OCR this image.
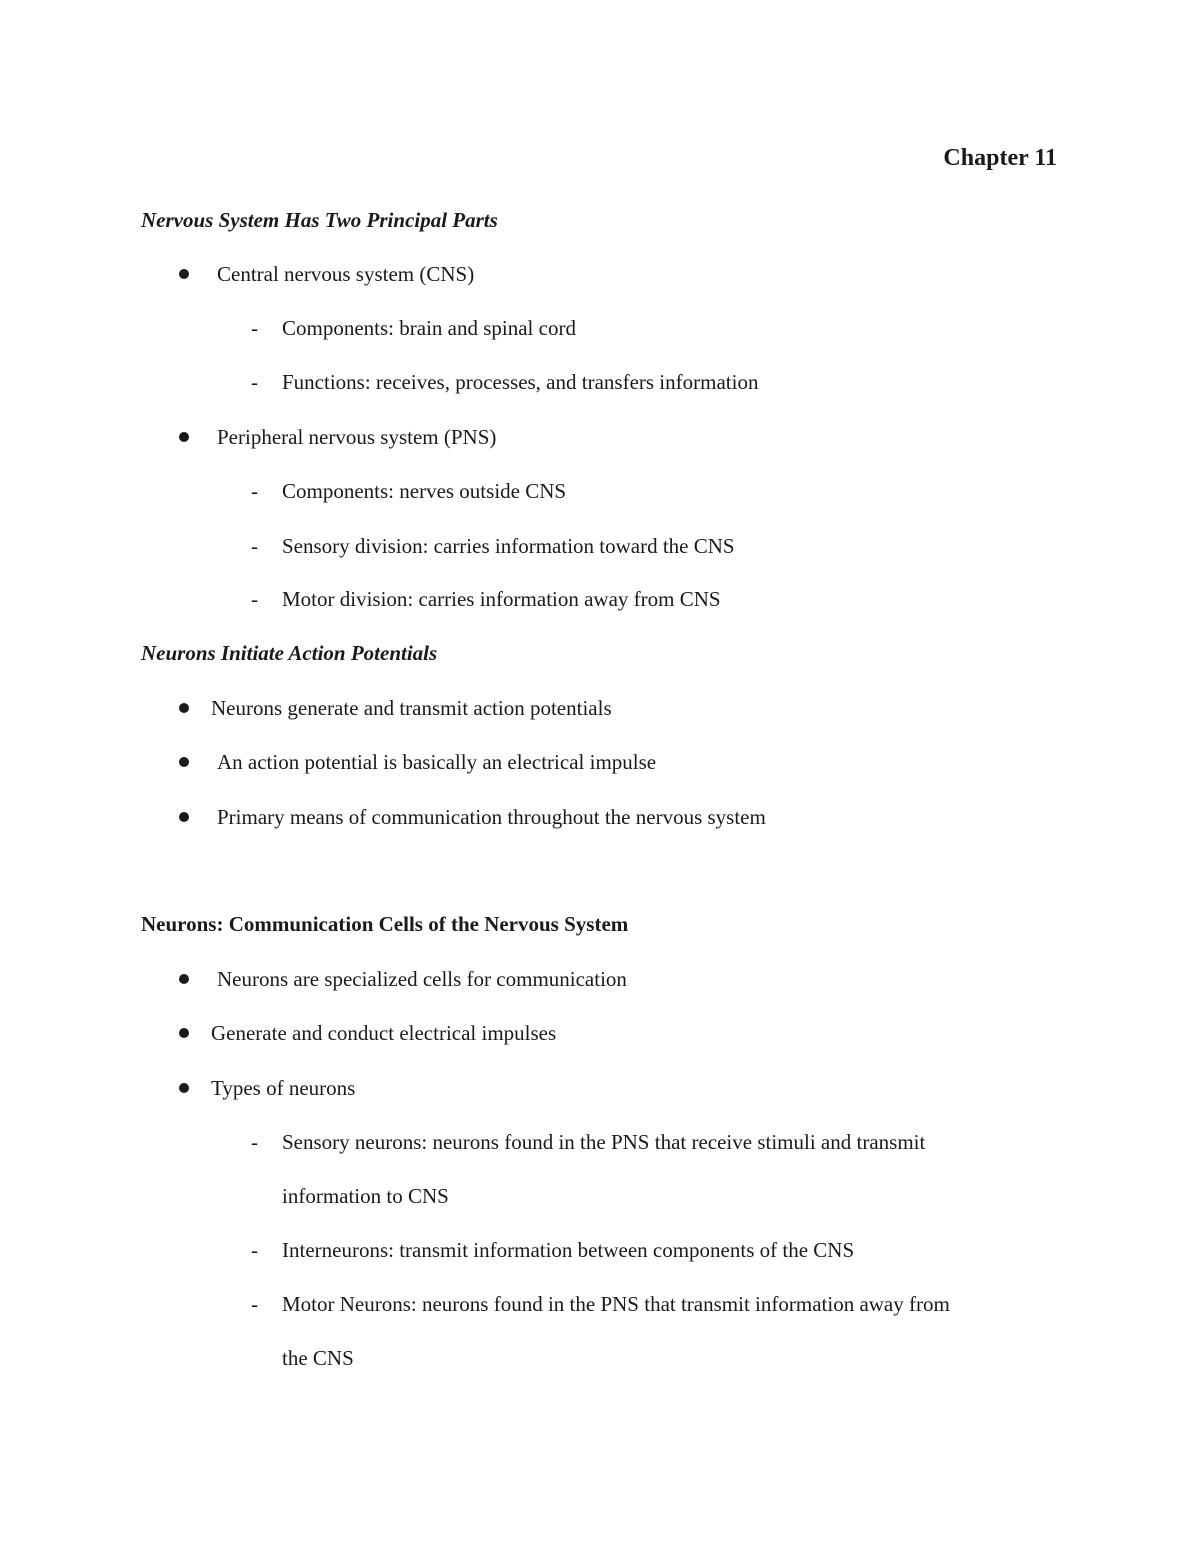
Chapter 11
Nervous System Has Two Principal Parts
Central nervous system (CNS)
- Components: brain and spinal cord
- Functions: receives, processes, and transfers information
Peripheral nervous system (PNS)
- Components: nerves outside CNS
- Sensory division: carries information toward the CNS
- Motor division: carries information away from CNS
Neurons Initiate Action Potentials
Neurons generate and transmit action potentials
An action potential is basically an electrical impulse
Primary means of communication throughout the nervous system
Neurons: Communication Cells of the Nervous System
Neurons are specialized cells for communication
Generate and conduct electrical impulses
Types of neurons
- Sensory neurons: neurons found in the PNS that receive stimuli and transmit
information to CNS
- Interneurons: transmit information between components of the CNS
- Motor Neurons: neurons found in the PNS that transmit information away from
the CNS
